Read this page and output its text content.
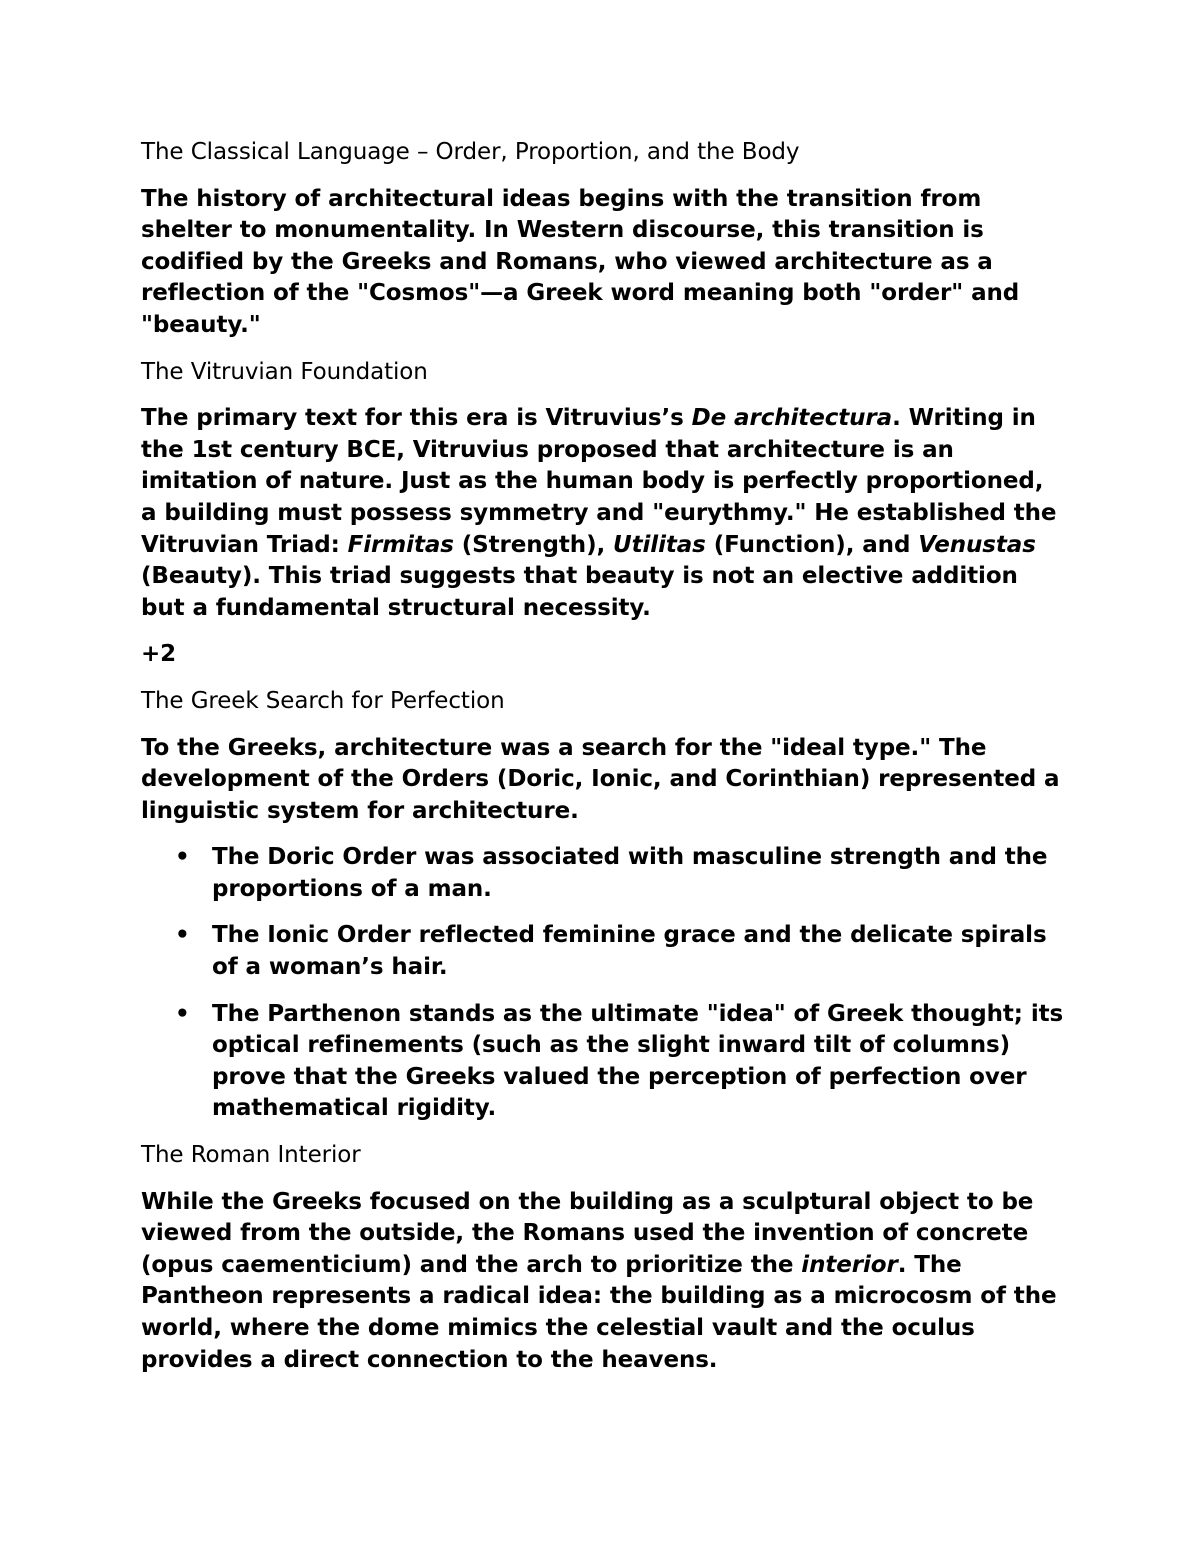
The Classical Language – Order, Proportion, and the Body

The history of architectural ideas begins with the transition from shelter to monumentality. In Western discourse, this transition is codified by the Greeks and Romans, who viewed architecture as a reflection of the "Cosmos"—a Greek word meaning both "order" and "beauty."

The Vitruvian Foundation

The primary text for this era is Vitruvius’s De architectura. Writing in the 1st century BCE, Vitruvius proposed that architecture is an imitation of nature. Just as the human body is perfectly proportioned, a building must possess symmetry and "eurythmy." He established the Vitruvian Triad: Firmitas (Strength), Utilitas (Function), and Venustas (Beauty). This triad suggests that beauty is not an elective addition but a fundamental structural necessity.

+2

The Greek Search for Perfection

To the Greeks, architecture was a search for the "ideal type." The development of the Orders (Doric, Ionic, and Corinthian) represented a linguistic system for architecture.

• The Doric Order was associated with masculine strength and the proportions of a man.
• The Ionic Order reflected feminine grace and the delicate spirals of a woman’s hair.
• The Parthenon stands as the ultimate "idea" of Greek thought; its optical refinements (such as the slight inward tilt of columns) prove that the Greeks valued the perception of perfection over mathematical rigidity.
The Roman Interior

While the Greeks focused on the building as a sculptural object to be viewed from the outside, the Romans used the invention of concrete (opus caementicium) and the arch to prioritize the interior. The Pantheon represents a radical idea: the building as a microcosm of the world, where the dome mimics the celestial vault and the oculus provides a direct connection to the heavens.
